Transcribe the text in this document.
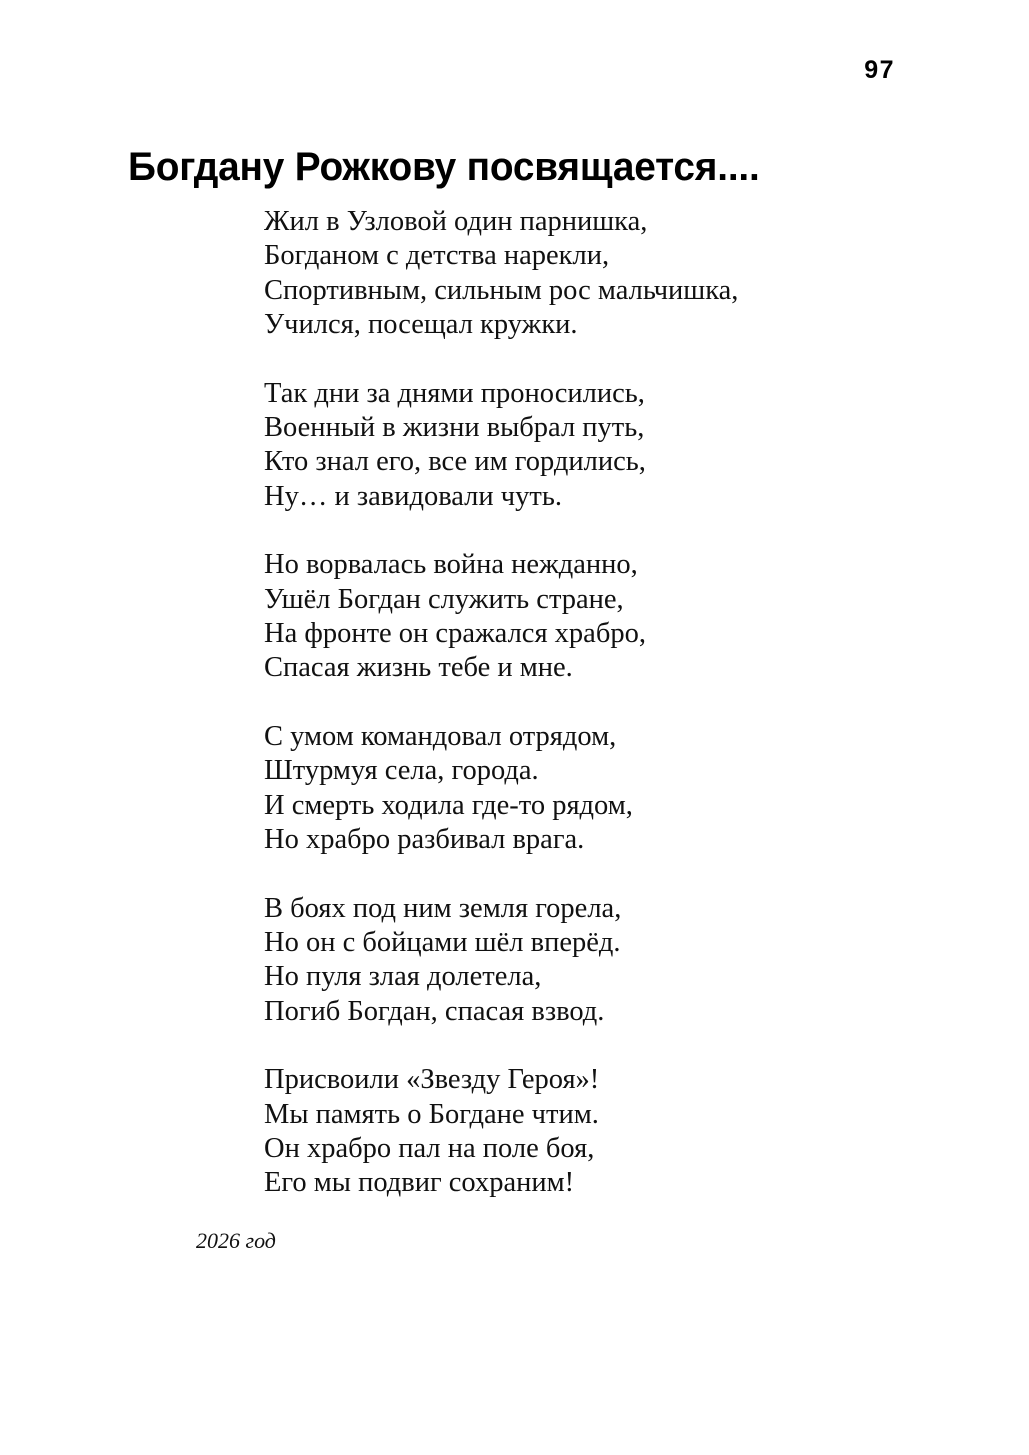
97
Богдану Рожкову посвящается....
Жил в Узловой один парнишка,
Богданом с детства нарекли,
Спортивным, сильным рос мальчишка,
Учился, посещал кружки.
Так дни за днями проносились,
Военный в жизни выбрал путь,
Кто знал его, все им гордились,
Ну… и завидовали чуть.
Но ворвалась война нежданно,
Ушёл Богдан служить стране,
На фронте он сражался храбро,
Спасая жизнь тебе и мне.
С умом командовал отрядом,
Штурмуя села, города.
И смерть ходила где-то рядом,
Но храбро разбивал врага.
В боях под ним земля горела,
Но он с бойцами шёл вперёд.
Но пуля злая долетела,
Погиб Богдан, спасая взвод.
Присвоили «Звезду Героя»!
Мы память о Богдане чтим.
Он храбро пал на поле боя,
Его мы подвиг сохраним!
2026 год
